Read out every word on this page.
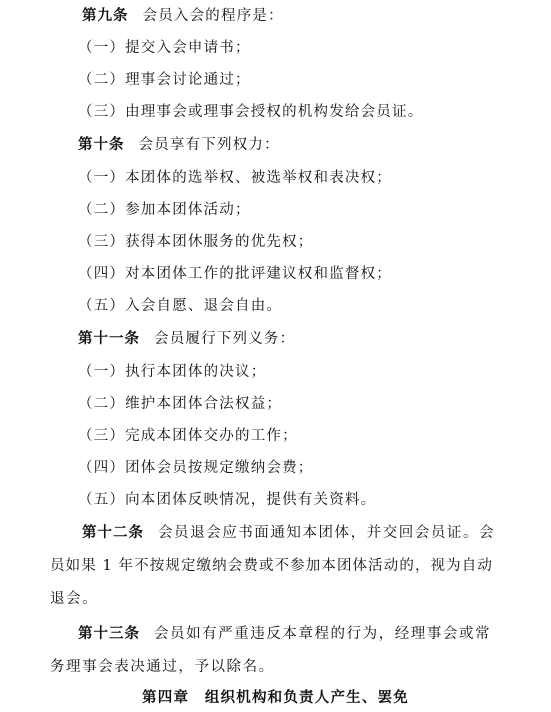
第九条 会员入会的程序是：
（一）提交入会申请书；
（二）理事会讨论通过；
（三）由理事会或理事会授权的机构发给会员证。
第十条 会员享有下列权力：
（一）本团体的选举权、被选举权和表决权；
（二）参加本团体活动；
（三）获得本团休服务的优先权；
（四）对本团体工作的批评建议权和监督权；
（五）入会自愿、退会自由。
第十一条 会员履行下列义务：
（一）执行本团体的决议；
（二）维护本团体合法权益；
（三）完成本团体交办的工作；
（四）团体会员按规定缴纳会费；
（五）向本团体反映情况，提供有关资料。
第十二条 会员退会应书面通知本团体，并交回会员证。会
员如果 1 年不按规定缴纳会费或不参加本团体活动的，视为自动
退会。
第十三条 会员如有严重违反本章程的行为，经理事会或常
务理事会表决通过，予以除名。
第四章　组织机构和负责人产生、罢免
